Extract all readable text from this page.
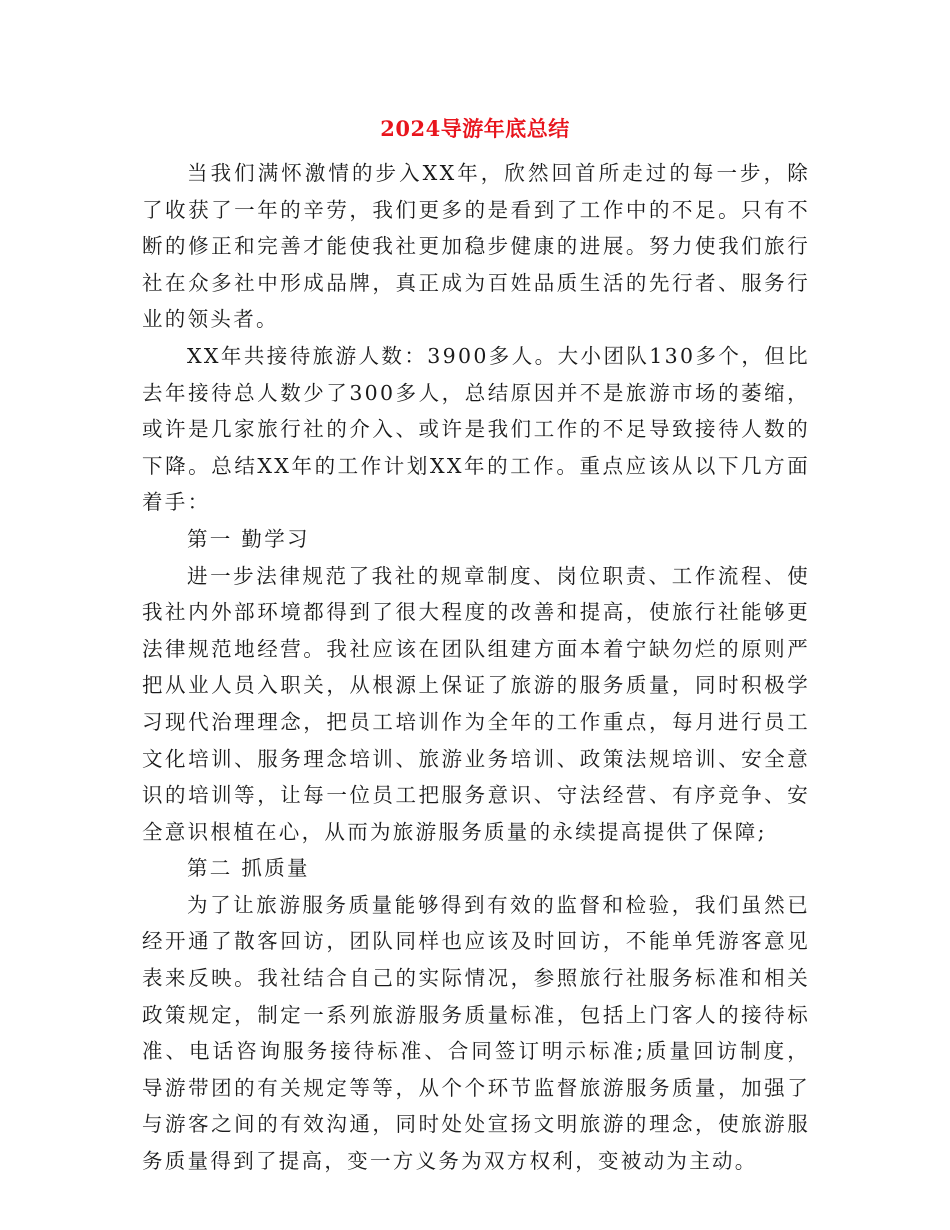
2024导游年底总结

当我们满怀激情的步入XX年，欣然回首所走过的每一步，除了收获了一年的辛劳，我们更多的是看到了工作中的不足。只有不断的修正和完善才能使我社更加稳步健康的进展。努力使我们旅行社在众多社中形成品牌，真正成为百姓品质生活的先行者、服务行业的领头者。

XX年共接待旅游人数：3900多人。大小团队130多个，但比去年接待总人数少了300多人，总结原因并不是旅游市场的萎缩，或许是几家旅行社的介入、或许是我们工作的不足导致接待人数的下降。总结XX年的工作计划XX年的工作。重点应该从以下几方面着手：

第一 勤学习

进一步法律规范了我社的规章制度、岗位职责、工作流程、使我社内外部环境都得到了很大程度的改善和提高，使旅行社能够更法律规范地经营。我社应该在团队组建方面本着宁缺勿烂的原则严把从业人员入职关，从根源上保证了旅游的服务质量，同时积极学习现代治理理念，把员工培训作为全年的工作重点，每月进行员工文化培训、服务理念培训、旅游业务培训、政策法规培训、安全意识的培训等，让每一位员工把服务意识、守法经营、有序竞争、安全意识根植在心，从而为旅游服务质量的永续提高提供了保障;

第二 抓质量

为了让旅游服务质量能够得到有效的监督和检验，我们虽然已经开通了散客回访，团队同样也应该及时回访，不能单凭游客意见表来反映。我社结合自己的实际情况，参照旅行社服务标准和相关政策规定，制定一系列旅游服务质量标准，包括上门客人的接待标准、电话咨询服务接待标准、合同签订明示标准;质量回访制度，导游带团的有关规定等等，从个个环节监督旅游服务质量，加强了与游客之间的有效沟通，同时处处宣扬文明旅游的理念，使旅游服务质量得到了提高，变一方义务为双方权利，变被动为主动。
